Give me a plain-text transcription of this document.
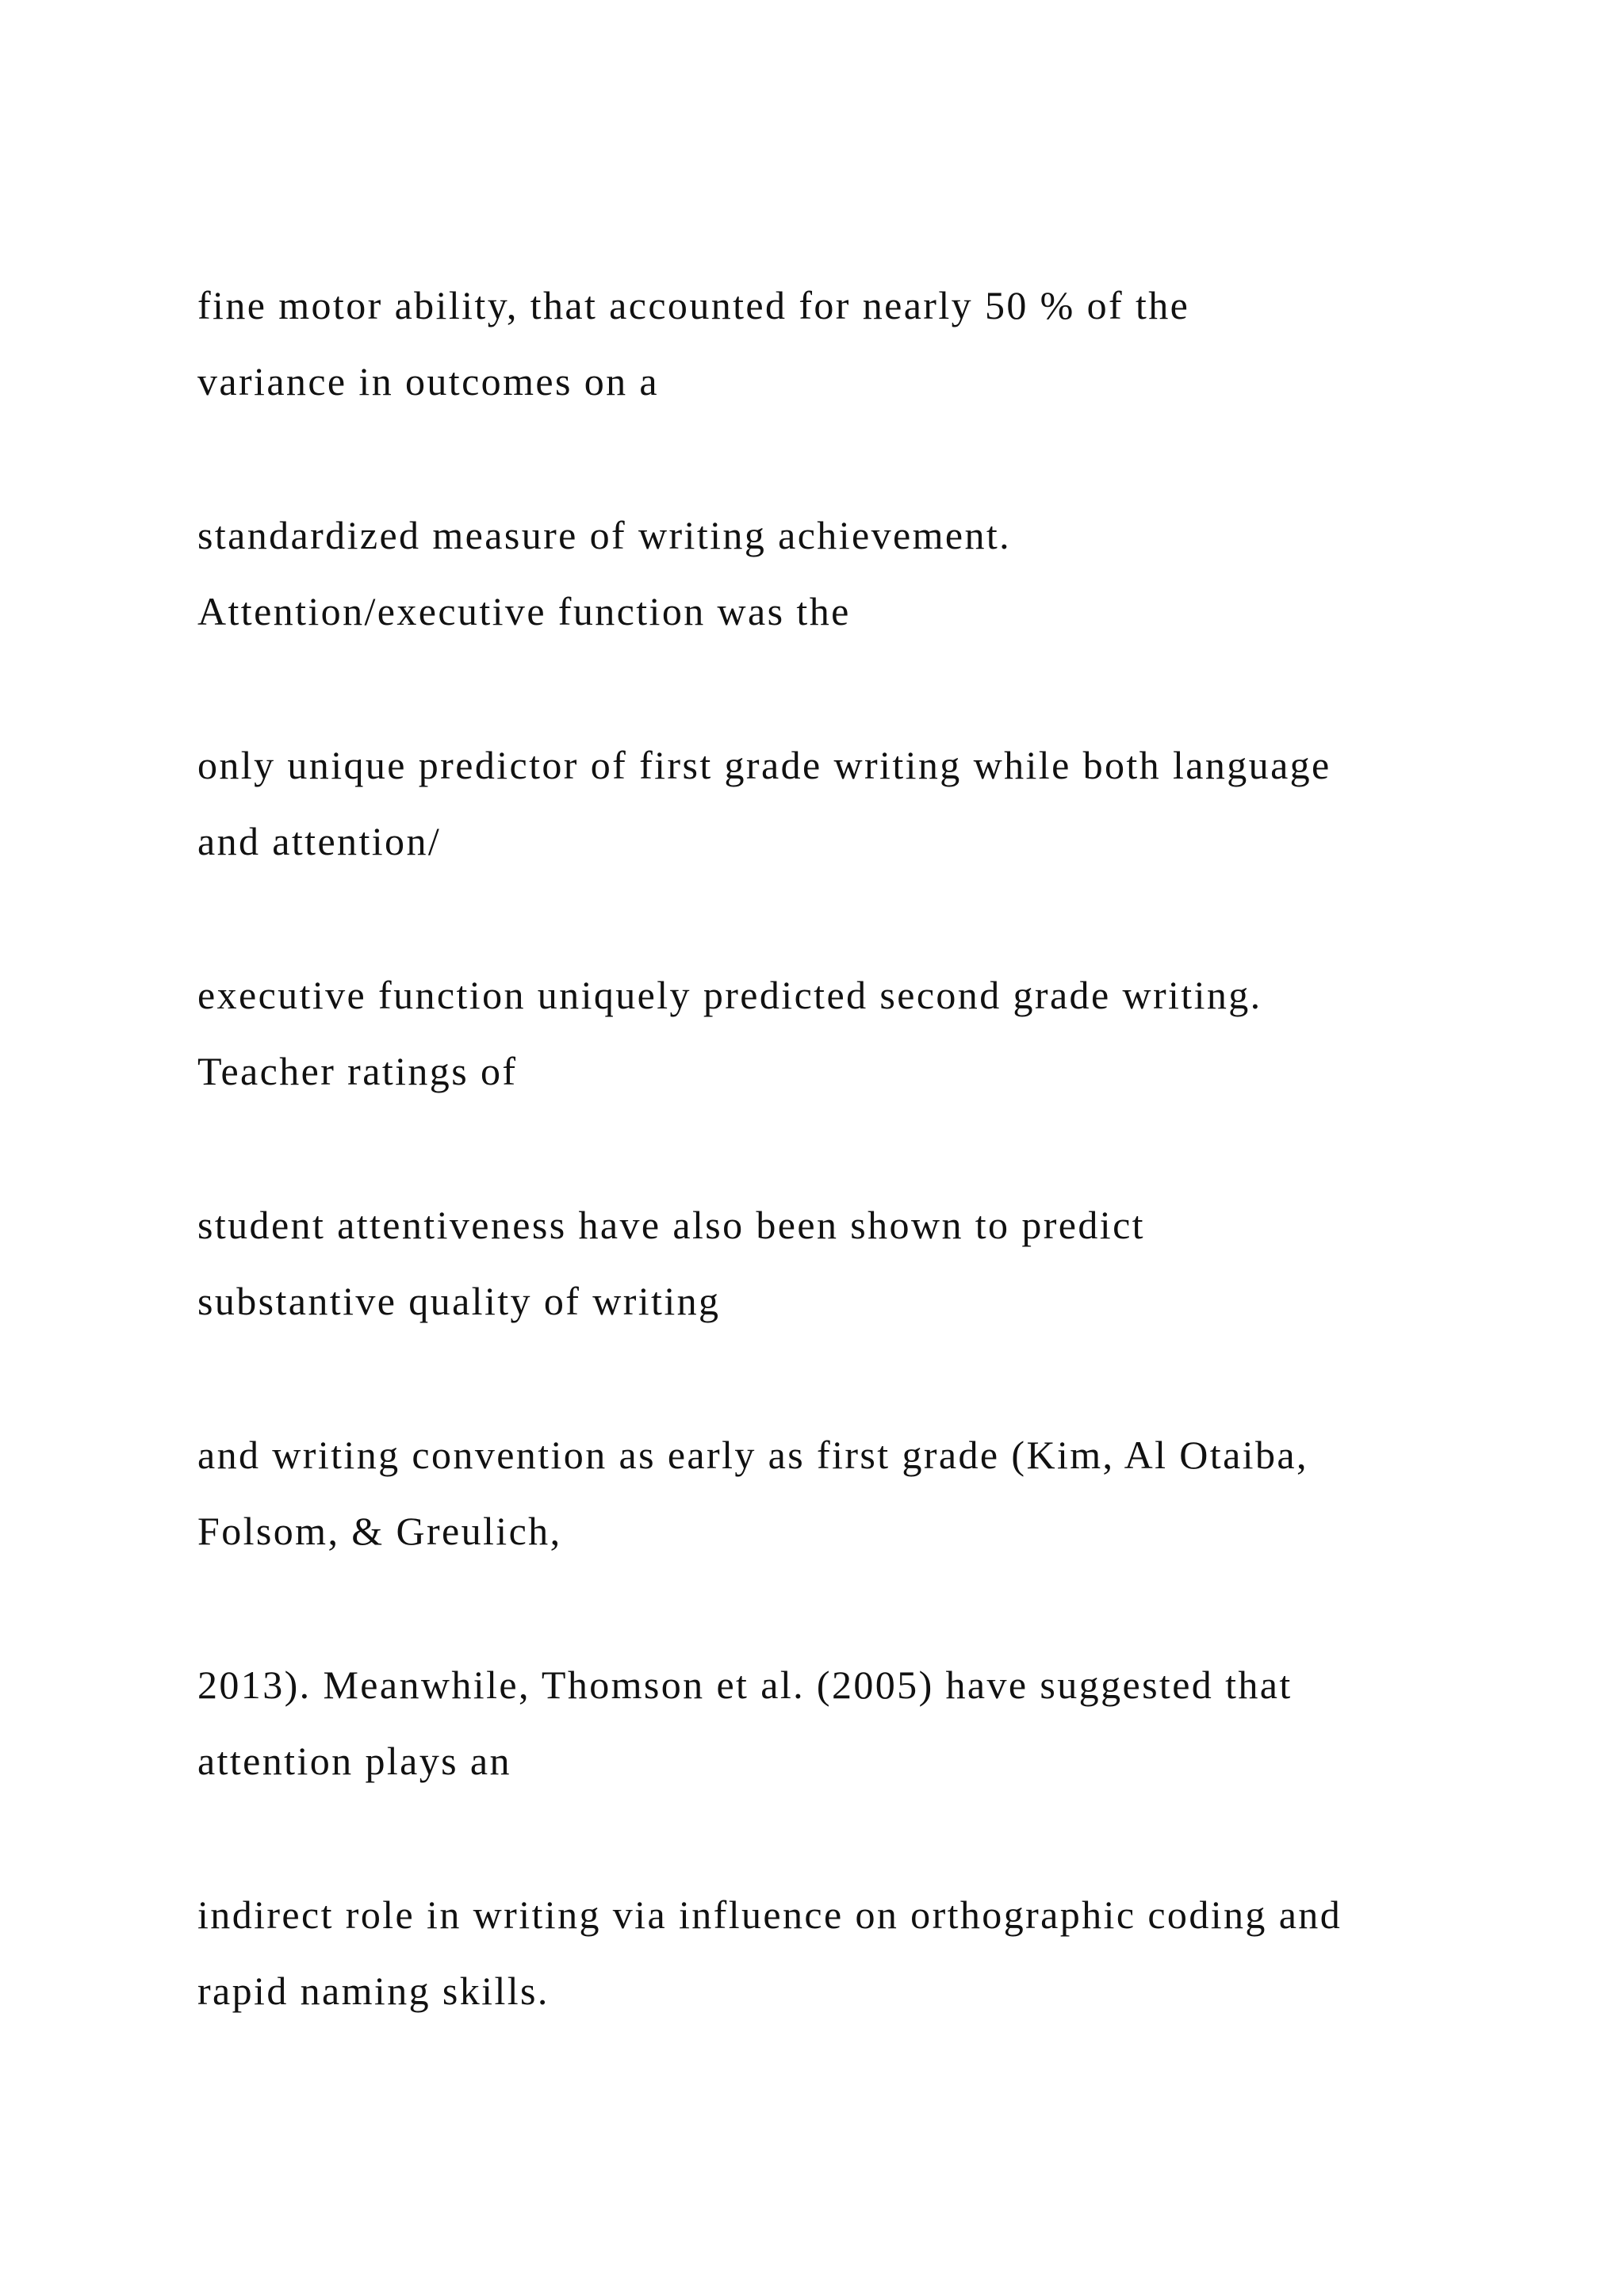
fine motor ability, that accounted for nearly 50 % of the
variance in outcomes on a

standardized measure of writing achievement.
Attention/executive function was the

only unique predictor of first grade writing while both language
and attention/

executive function uniquely predicted second grade writing.
Teacher ratings of

student attentiveness have also been shown to predict
substantive quality of writing

and writing convention as early as first grade (Kim, Al Otaiba,
Folsom, & Greulich,

2013). Meanwhile, Thomson et al. (2005) have suggested that
attention plays an

indirect role in writing via influence on orthographic coding and
rapid naming skills.
